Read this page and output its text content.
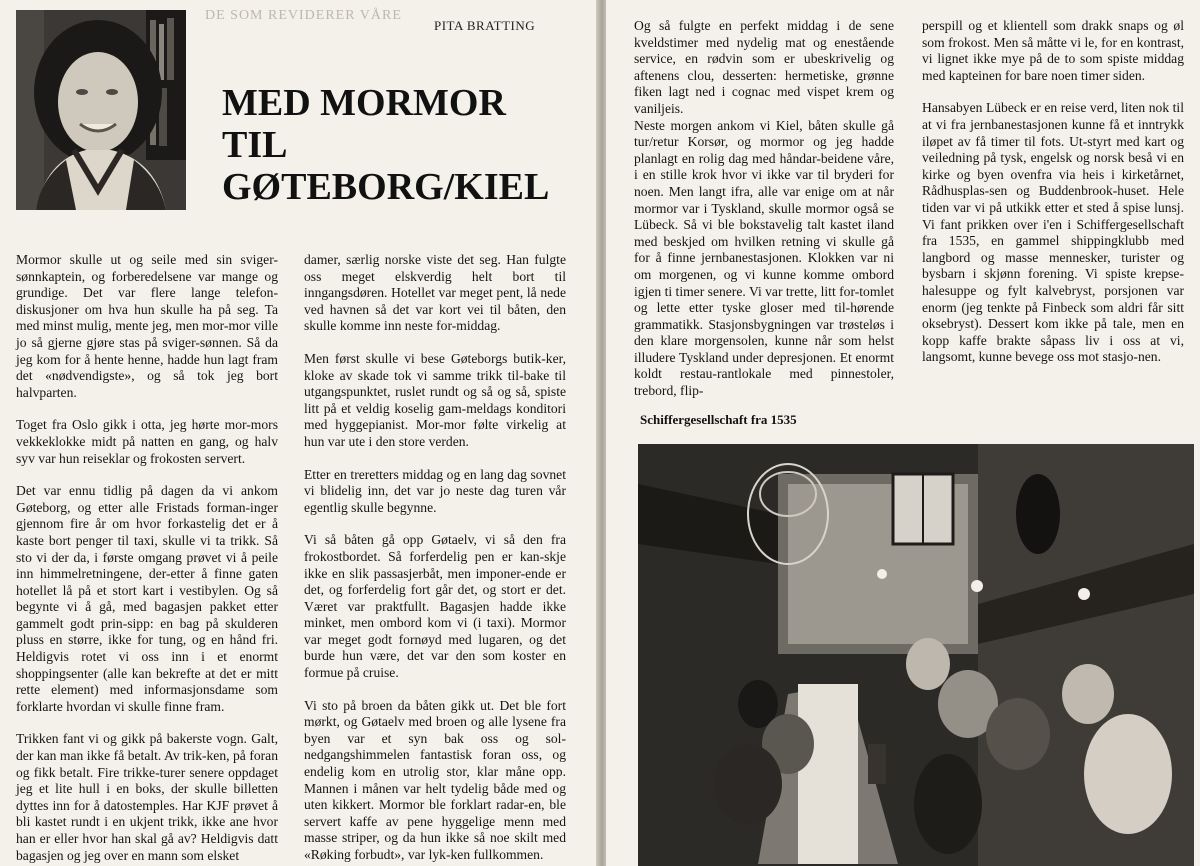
DE SOM REVIDERER VÅRE
PITA BRATTING
MED MORMOR
TIL
GØTEBORG/KIEL

Mormor skulle ut og seile med sin sviger-sønnkaptein, og forberedelsene var mange og grundige. Det var flere lange telefon-diskusjoner om hva hun skulle ha på seg. Ta med minst mulig, mente jeg, men mor-mor ville jo så gjerne gjøre stas på sviger-sønnen. Så da jeg kom for å hente henne, hadde hun lagt fram det «nødvendigste», og så tok jeg bort halvparten.

Toget fra Oslo gikk i otta, jeg hørte mor-mors vekkeklokke midt på natten en gang, og halv syv var hun reiseklar og frokosten servert.

Det var ennu tidlig på dagen da vi ankom Gøteborg, og etter alle Fristads forman-inger gjennom fire år om hvor forkastelig det er å kaste bort penger til taxi, skulle vi ta trikk. Så sto vi der da, i første omgang prøvet vi å peile inn himmelretningene, der-etter å finne gaten hotellet lå på et stort kart i vestibylen. Og så begynte vi å gå, med bagasjen pakket etter gammelt godt prin-sipp: en bag på skulderen pluss en større, ikke for tung, og en hånd fri. Heldigvis rotet vi oss inn i et enormt shoppingsenter (alle kan bekrefte at det er mitt rette element) med informasjonsdame som forklarte hvordan vi skulle finne fram.

Trikken fant vi og gikk på bakerste vogn. Galt, der kan man ikke få betalt. Av trik-ken, på foran og fikk betalt. Fire trikke-turer senere oppdaget jeg et lite hull i en boks, der skulle billetten dyttes inn for å datostemples. Har KJF prøvet å bli kastet rundt i en ukjent trikk, ikke ane hvor han er eller hvor han skal gå av? Heldigvis datt bagasjen og jeg over en mann som elsket

damer, særlig norske viste det seg. Han fulgte oss meget elskverdig helt bort til inngangsdøren. Hotellet var meget pent, lå nede ved havnen så det var kort vei til båten, den skulle komme inn neste for-middag.

Men først skulle vi bese Gøteborgs butik-ker, kloke av skade tok vi samme trikk til-bake til utgangspunktet, ruslet rundt og så og så, spiste litt på et veldig koselig gam-meldags konditori med hyggepianist. Mor-mor følte virkelig at hun var ute i den store verden.

Etter en treretters middag og en lang dag sovnet vi blidelig inn, det var jo neste dag turen vår egentlig skulle begynne.

Vi så båten gå opp Gøtaelv, vi så den fra frokostbordet. Så forferdelig pen er kan-skje ikke en slik passasjerbåt, men imponer-ende er det, og forferdelig fort går det, og stort er det. Været var praktfullt. Bagasjen hadde ikke minket, men ombord kom vi (i taxi). Mormor var meget godt fornøyd med lugaren, og det burde hun være, det var den som koster en formue på cruise.

Vi sto på broen da båten gikk ut. Det ble fort mørkt, og Gøtaelv med broen og alle lysene fra byen var et syn bak oss og sol-nedgangshimmelen fantastisk foran oss, og endelig kom en utrolig stor, klar måne opp. Mannen i månen var helt tydelig både med og uten kikkert. Mormor ble forklart radar-en, ble servert kaffe av pene hyggelige menn med masse striper, og da hun ikke så noe skilt med «Røking forbudt», var lyk-ken fullkommen.

Og så fulgte en perfekt middag i de sene kveldstimer med nydelig mat og enestående service, en rødvin som er ubeskrivelig og aftenens clou, desserten: hermetiske, grønne fiken lagt ned i cognac med vispet krem og vaniljeis.

Neste morgen ankom vi Kiel, båten skulle gå tur/retur Korsør, og mormor og jeg hadde planlagt en rolig dag med håndar-beidene våre, i en stille krok hvor vi ikke var til bryderi for noen. Men langt ifra, alle var enige om at når mormor var i Tyskland, skulle mormor også se Lübeck. Så vi ble bokstavelig talt kastet iland med beskjed om hvilken retning vi skulle gå for å finne jernbanestasjonen. Klokken var ni om morgenen, og vi kunne komme ombord igjen ti timer senere. Vi var trette, litt for-tomlet og lette etter tyske gloser med til-hørende grammatikk. Stasjonsbygningen var trøsteløs i den klare morgensolen, kunne når som helst illudere Tyskland under depresjonen. Et enormt koldt restau-rantlokale med pinnestoler, trebord, flip-

perspill og et klientell som drakk snaps og øl som frokost. Men så måtte vi le, for en kontrast, vi lignet ikke mye på de to som spiste middag med kapteinen for bare noen timer siden.

Hansabyen Lübeck er en reise verd, liten nok til at vi fra jernbanestasjonen kunne få et inntrykk iløpet av få timer til fots. Ut-styrt med kart og veiledning på tysk, engelsk og norsk beså vi en kirke og byen ovenfra via heis i kirketårnet, Rådhusplas-sen og Buddenbrook-huset. Hele tiden var vi på utkikk etter et sted å spise lunsj. Vi fant prikken over i'en i Schiffergesellschaft fra 1535, en gammel shippingklubb med langbord og masse mennesker, turister og bysbarn i skjønn forening. Vi spiste krepse-halesuppe og fylt kalvebryst, porsjonen var enorm (jeg tenkte på Finbeck som aldri får sitt oksebryst). Dessert kom ikke på tale, men en kopp kaffe brakte såpass liv i oss at vi, langsomt, kunne bevege oss mot stasjo-nen.

Schiffergesellschaft fra 1535
